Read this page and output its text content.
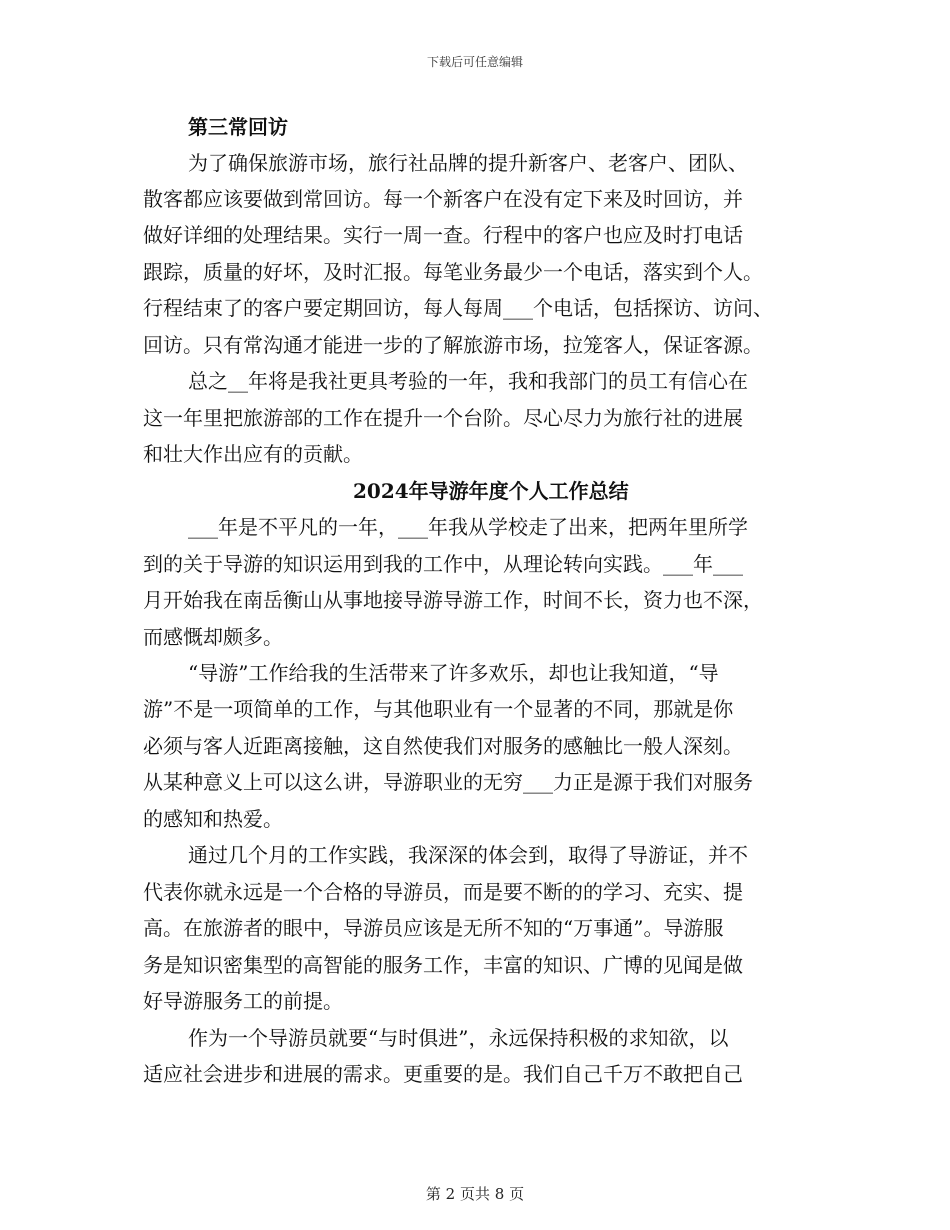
下载后可任意编辑
第三常回访
为了确保旅游市场，旅行社品牌的提升新客户、老客户、团队、
散客都应该要做到常回访。每一个新客户在没有定下来及时回访，并
做好详细的处理结果。实行一周一查。行程中的客户也应及时打电话
跟踪，质量的好坏，及时汇报。每笔业务最少一个电话，落实到个人。
行程结束了的客户要定期回访，每人每周___个电话，包括探访、访问、
回访。只有常沟通才能进一步的了解旅游市场，拉笼客人，保证客源。
总之__年将是我社更具考验的一年，我和我部门的员工有信心在
这一年里把旅游部的工作在提升一个台阶。尽心尽力为旅行社的进展
和壮大作出应有的贡献。
2024年导游年度个人工作总结
___年是不平凡的一年，___年我从学校走了出来，把两年里所学
到的关于导游的知识运用到我的工作中，从理论转向实践。___年___
月开始我在南岳衡山从事地接导游导游工作，时间不长，资力也不深，
而感慨却颇多。
“导游”工作给我的生活带来了许多欢乐，却也让我知道，“导
游”不是一项简单的工作，与其他职业有一个显著的不同，那就是你
必须与客人近距离接触，这自然使我们对服务的感触比一般人深刻。
从某种意义上可以这么讲，导游职业的无穷___力正是源于我们对服务
的感知和热爱。
通过几个月的工作实践，我深深的体会到，取得了导游证，并不
代表你就永远是一个合格的导游员，而是要不断的的学习、充实、提
高。在旅游者的眼中，导游员应该是无所不知的“万事通”。导游服
务是知识密集型的高智能的服务工作，丰富的知识、广博的见闻是做
好导游服务工的前提。
作为一个导游员就要“与时俱进”，永远保持积极的求知欲，以
适应社会进步和进展的需求。更重要的是。我们自己千万不敢把自己
第 2 页共 8 页
